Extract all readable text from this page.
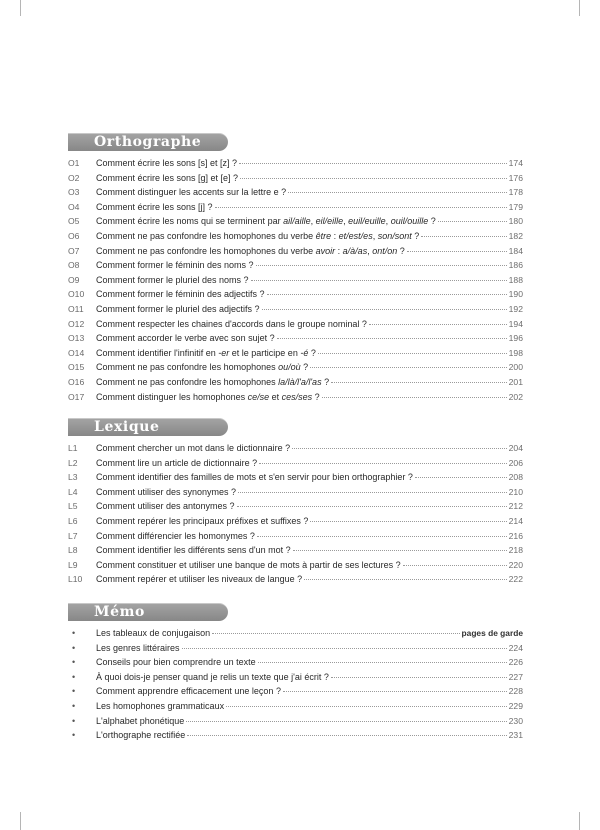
Orthographe
O1	Comment écrire les sons [s] et [z] ?	174
O2	Comment écrire les sons [g] et [e] ?	176
O3	Comment distinguer les accents sur la lettre e ?	178
O4	Comment écrire les sons [j] ?	179
O5	Comment écrire les noms qui se terminent par ail/aille, eil/eille, euil/euille, ouil/ouille ?	180
O6	Comment ne pas confondre les homophones du verbe être : et/est/es, son/sont ?	182
O7	Comment ne pas confondre les homophones du verbe avoir : a/à/as, ont/on ?	184
O8	Comment former le féminin des noms ?	186
O9	Comment former le pluriel des noms ?	188
O10	Comment former le féminin des adjectifs ?	190
O11	Comment former le pluriel des adjectifs ?	192
O12	Comment respecter les chaines d'accords dans le groupe nominal ?	194
O13	Comment accorder le verbe avec son sujet ?	196
O14	Comment identifier l'infinitif en -er et le participe en -é ?	198
O15	Comment ne pas confondre les homophones ou/où ?	200
O16	Comment ne pas confondre les homophones la/là/l'a/l'as ?	201
O17	Comment distinguer les homophones ce/se et ces/ses ?	202
Lexique
L1	Comment chercher un mot dans le dictionnaire ?	204
L2	Comment lire un article de dictionnaire ?	206
L3	Comment identifier des familles de mots et s'en servir pour bien orthographier ?	208
L4	Comment utiliser des synonymes ?	210
L5	Comment utiliser des antonymes ?	212
L6	Comment repérer les principaux préfixes et suffixes ?	214
L7	Comment différencier les homonymes ?	216
L8	Comment identifier les différents sens d'un mot ?	218
L9	Comment constituer et utiliser une banque de mots à partir de ses lectures ?	220
L10	Comment repérer et utiliser les niveaux de langue ?	222
Mémo
•	Les tableaux de conjugaison	pages de garde
•	Les genres littéraires	224
•	Conseils pour bien comprendre un texte	226
•	À quoi dois-je penser quand je relis un texte que j'ai écrit ?	227
•	Comment apprendre efficacement une leçon ?	228
•	Les homophones grammaticaux	229
•	L'alphabet phonétique	230
•	L'orthographe rectifiée	231
